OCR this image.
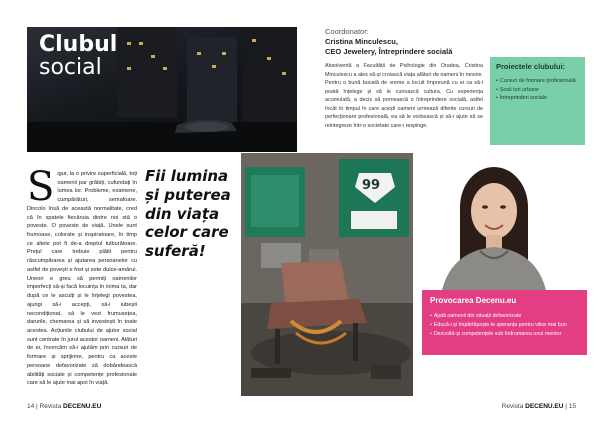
Clubul
social
Coordonator:
Cristina Minculescu,
CEO Jewelery, Întreprindere socială

Absolventă a Facultății de Psihologie din Oradea, Cristina Minculescu a ales să-și croiască viața alături de oameni în nevoie. Pentru o bună bucată de vreme a locuit împreună cu ei ca să-i poată înțelege și să le cunoască cultura. Cu experiența acumulată, a decis să pornească o întreprindere socială, astfel încât în timpul în care acești oameni urmează diferite cursuri de perfecționare profesională, ea să le vorbească și să-i ajute să se reintegreze într-o societate care-i respinge.

Proiectele clubului:
• Cursuri de formare profesională
• Școli tori urbane
• Întreprinderi sociale
S igur, la o privire superficială, toți oamenii par grăbiți, cufundați în lumea lor. Probleme, examene, cumpărături, semafoare. Dincolo însă de această normalitate, cred că în spatele fiecăruia dintre noi stă o poveste. O poveste de viață. Unele sunt frumoase, colorate și inspiratoare, în timp ce altele pot fi de-a dreptul tulburătoare. Prețul care trebuie plătit pentru răscumpărarea și ajutarea persoanelor cu astfel de povești e fost și este dulce-amărui. Uneori e greu să permiți oamenilor imperfecți să-și facă locuința în inima ta, dar după ce le asculți și le înțelegi povestea, ajungi să-i accepți, să-i iubești necondiționat, să le vezi frumusețea, darurile, chemarea și să investești în toate acestea. Acțiunile clubului de ajutor social sunt centrate în jurul acestor oameni. Alături de ei, încercăm să-i ajutăm prin cursuri de formare și sprijinire, pentru ca aceste persoane defavorizate să dobândească abilități sociale și competențe profesionale care să le ajute mai apoi în viață.
Fii lumina și puterea din viața celor care suferă!
99
Provocarea Decenu.eu
• Ajută oamenii din situații defavorizate
• Educă-i și împărtășește-le speranța pentru viitor mai bun
• Dezvoltă-și competențele sub îndrumarea unui mentor
14 | Revista DECENU.EU	Revista DECENU.EU | 15
